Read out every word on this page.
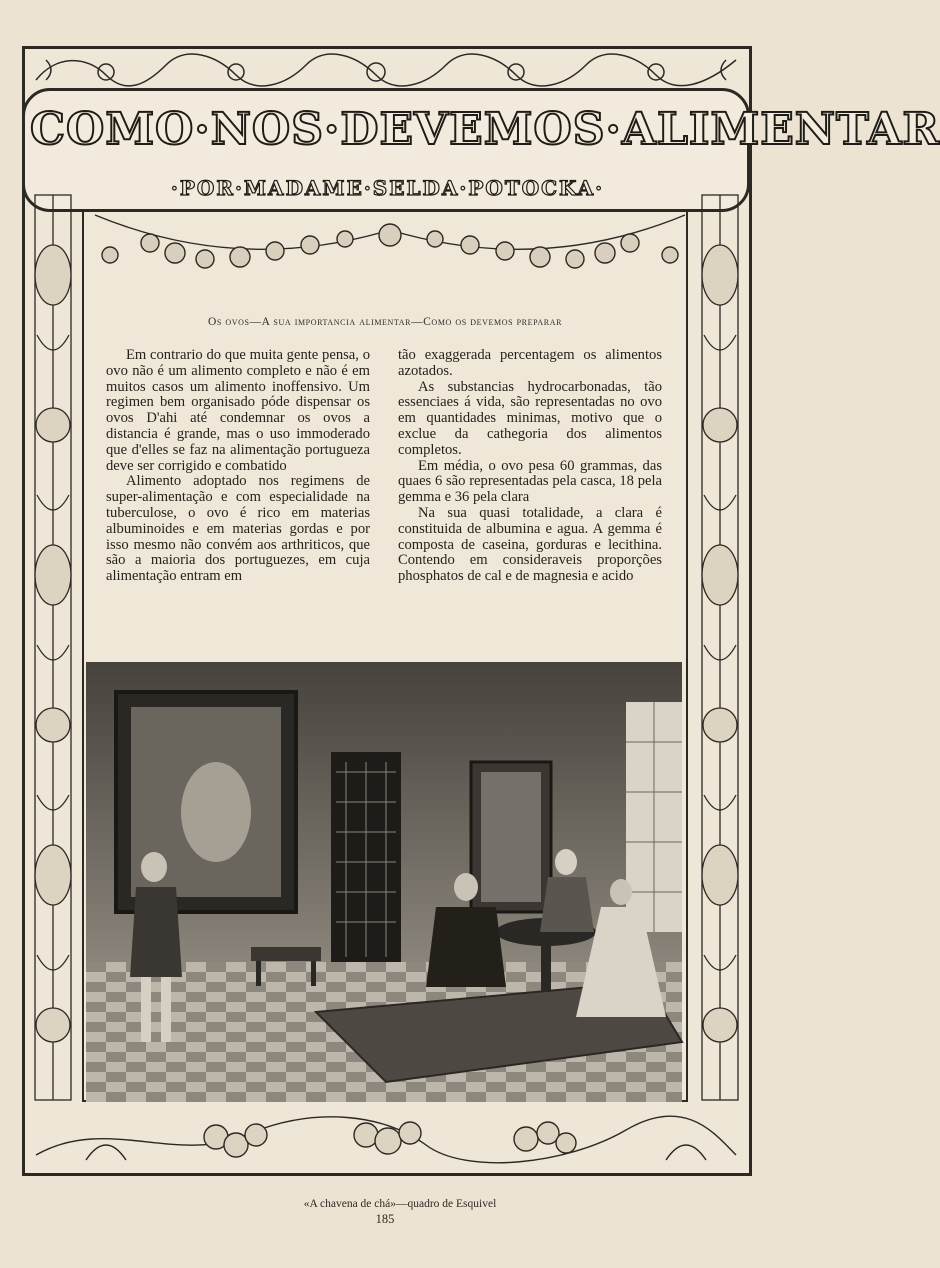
COMO·NOS·DEVEMOS·ALIMENTAR
·POR·MADAME·SELDA·POTOCKA·
Os ovos—A sua importancia alimentar—Como os devemos preparar

Em contrario do que muita gente pensa, o ovo não é um alimento completo e não é em muitos casos um alimento inoffensivo. Um regimen bem organisado póde dispensar os ovos D'ahi até condemnar os ovos a distancia é grande, mas o uso immoderado que d'elles se faz na alimentação portugueza deve ser corrigido e combatido

Alimento adoptado nos regimens de super-alimentação e com especialidade na tuberculose, o ovo é rico em materias albuminoides e em materias gordas e por isso mesmo não convém aos arthriticos, que são a maioria dos portuguezes, em cuja alimentação entram em

tão exaggerada percentagem os alimentos azotados.

As substancias hydrocarbonadas, tão essenciaes á vida, são representadas no ovo em quantidades minimas, motivo que o exclue da cathegoria dos alimentos completos.

Em média, o ovo pesa 60 grammas, das quaes 6 são representadas pela casca, 18 pela gemma e 36 pela clara

Na sua quasi totalidade, a clara é constituida de albumina e agua. A gemma é composta de caseina, gorduras e lecithina. Contendo em consideraveis proporções phosphatos de cal e de magnesia e acido

«A chavena de chá»—quadro de Esquivel
185
